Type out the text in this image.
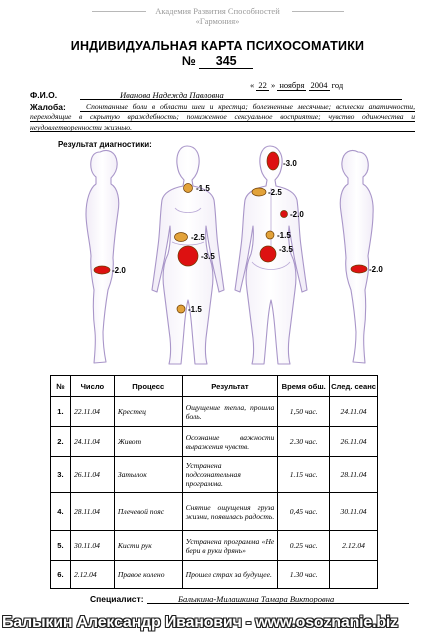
Академия Развития Способностей
«Гармония»
ИНДИВИДУАЛЬНАЯ КАРТА ПСИХОСОМАТИКИ
№ 345
« 22 » ноября 2004 год
Ф.И.О.	Иванова Надежда Павловна
Жалоба:	Спонтанные боли в области шеи и крестца; болезненные месячные; всплески апатичности, переходящие в скрытую враждебность; пониженное сексуальное восприятие; чувство одиночества и неудовлетворенности жизнью.
Результат диагностики:
-2.0
-1.5
-2.5
-3.5
-1.5
-3.0
-2.5
-2.0
-1.5
-3.5
-2.0
№	Число	Процесс	Результат	Время обш.	След. сеанс
1.	22.11.04	Крестец	Ощущение тепла, прошла боль.	1,50 час.	24.11.04
2.	24.11.04	Живот	Осознание важности выражения чувств.	2.30 час.	26.11.04
3.	26.11.04	Затылок	Устранена подсознательная программа.	1.15 час.	28.11.04
4.	28.11.04	Плечевой пояс	Снятие ощущения груза жизни, появилась радость.	0,45 час.	30.11.04
5.	30.11.04	Кисти рук	Устранена программа «Не бери в руки дрянь»	0.25 час.	2.12.04
6.	2.12.04	Правое колено	Прошел страх за будущее.	1.30 час.	
Специалист:	Балыкина-Милашкина Тамара Викторовна
Балыкин Александр Иванович - www.osoznanie.biz
